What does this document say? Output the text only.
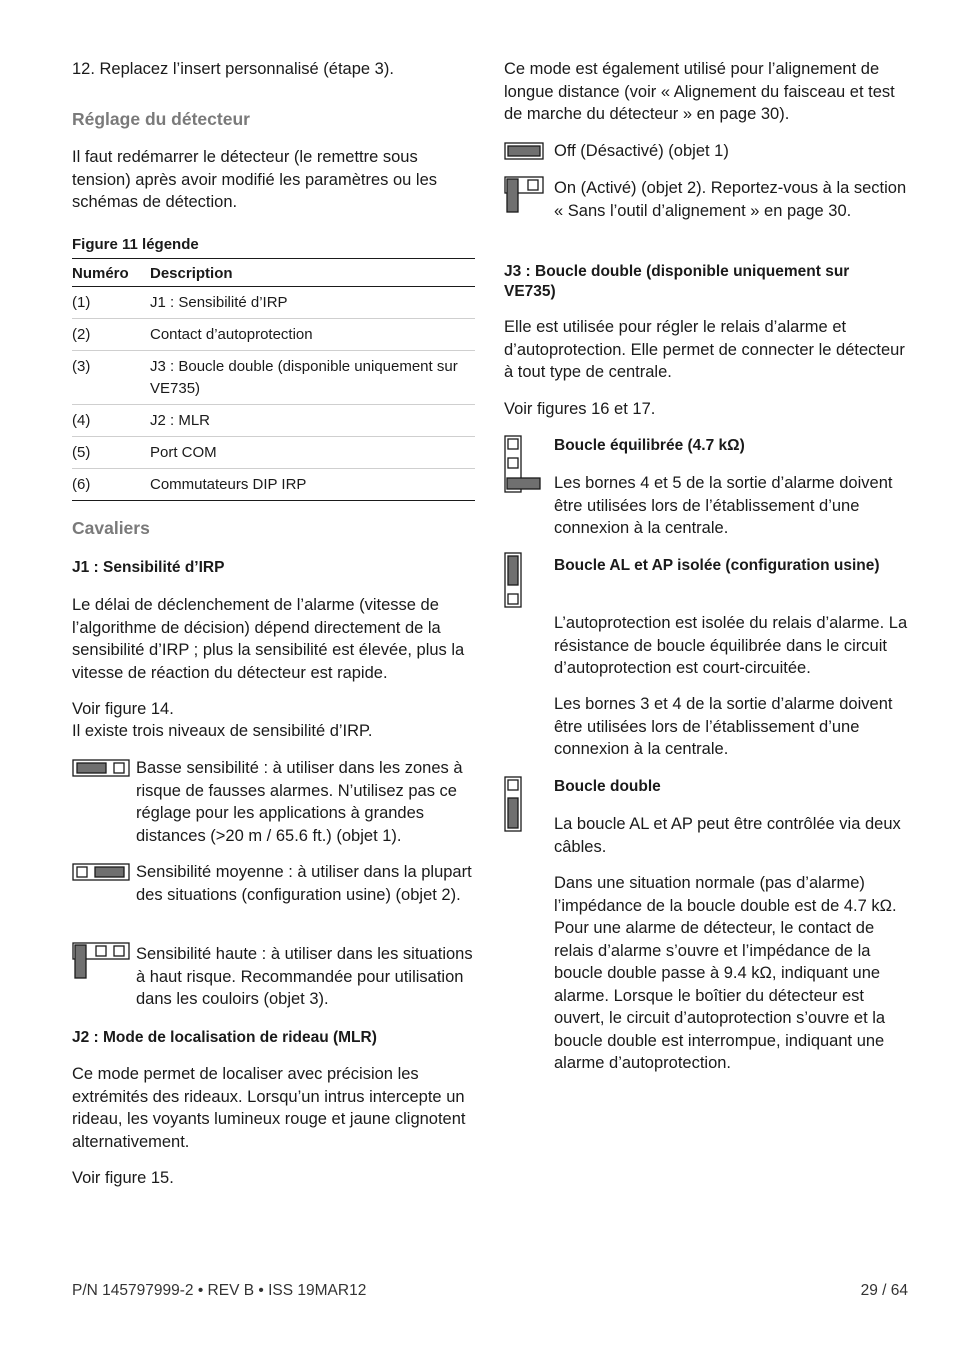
12. Replacez l’insert personnalisé (étape 3).

Réglage du détecteur

Il faut redémarrer le détecteur (le remettre sous tension) après avoir modifié les paramètres ou les schémas de détection.

Figure 11 légende
Numéro	Description
(1)	J1 : Sensibilité d’IRP
(2)	Contact d’autoprotection
(3)	J3 : Boucle double (disponible uniquement sur VE735)
(4)	J2 : MLR
(5)	Port COM
(6)	Commutateurs DIP IRP
Cavaliers
J1 : Sensibilité d’IRP

Le délai de déclenchement de l’alarme (vitesse de l’algorithme de décision) dépend directement de la sensibilité d’IRP ; plus la sensibilité est élevée, plus la vitesse de réaction du détecteur est rapide.

Voir figure 14.

Il existe trois niveaux de sensibilité d’IRP.

Basse sensibilité : à utiliser dans les zones à risque de fausses alarmes. N’utilisez pas ce réglage pour les applications à grandes distances (>20 m / 65.6 ft.) (objet 1).

Sensibilité moyenne : à utiliser dans la plupart des situations (configuration usine) (objet 2).

Sensibilité haute : à utiliser dans les situations à haut risque. Recommandée pour utilisation dans les couloirs (objet 3).

J2 : Mode de localisation de rideau (MLR)

Ce mode permet de localiser avec précision les extrémités des rideaux. Lorsqu’un intrus intercepte un rideau, les voyants lumineux rouge et jaune clignotent alternativement.

Voir figure 15.

Ce mode est également utilisé pour l’alignement de longue distance (voir « Alignement du faisceau et test de marche du détecteur » en page 30).

Off (Désactivé) (objet 1)

On (Activé) (objet 2). Reportez-vous à la section « Sans l’outil d’alignement » en page 30.

J3 : Boucle double (disponible uniquement sur VE735)

Elle est utilisée pour régler le relais d’alarme et d’autoprotection. Elle permet de connecter le détecteur à tout type de centrale.

Voir figures 16 et 17.

Boucle équilibrée (4.7 kΩ)

Les bornes 4 et 5 de la sortie d’alarme doivent être utilisées lors de l’établissement d’une connexion à la centrale.

Boucle AL et AP isolée (configuration usine)

L’autoprotection est isolée du relais d’alarme. La résistance de boucle équilibrée dans le circuit d’autoprotection est court-circuitée.

Les bornes 3 et 4 de la sortie d’alarme doivent être utilisées lors de l’établissement d’une connexion à la centrale.

Boucle double

La boucle AL et AP peut être contrôlée via deux câbles.

Dans une situation normale (pas d’alarme) l’impédance de la boucle double est de 4.7 kΩ. Pour une alarme de détecteur, le contact de relais d’alarme s’ouvre et l’impédance de la boucle double passe à 9.4 kΩ, indiquant une alarme. Lorsque le boîtier du détecteur est ouvert, le circuit d’autoprotection s’ouvre et la boucle double est interrompue, indiquant une alarme d’autoprotection.

P/N 145797999-2 • REV B • ISS 19MAR12	29 / 64
